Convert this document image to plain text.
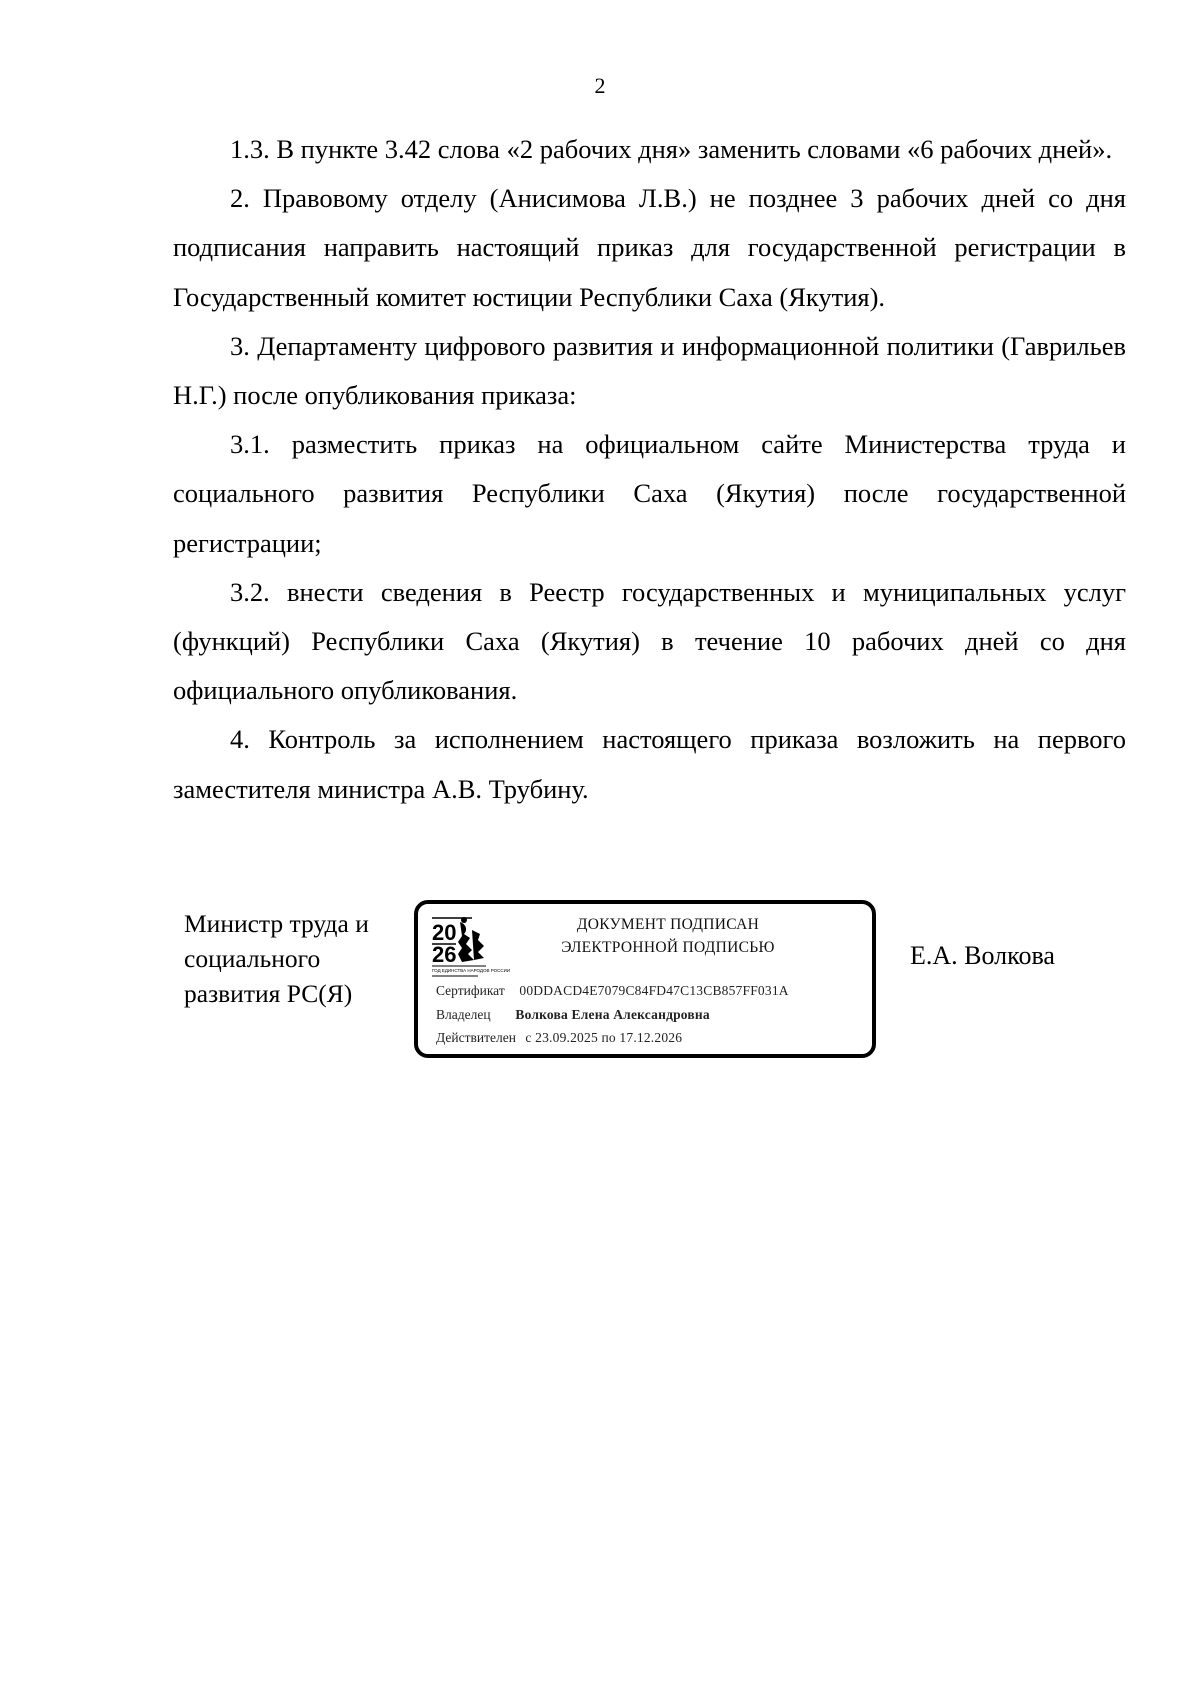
2

1.3. В пункте 3.42 слова «2 рабочих дня» заменить словами «6 рабочих дней».

2. Правовому отделу (Анисимова Л.В.) не позднее 3 рабочих дней со дня подписания направить настоящий приказ для государственной регистрации в Государственный комитет юстиции Республики Саха (Якутия).

3. Департаменту цифрового развития и информационной политики (Гаврильев Н.Г.) после опубликования приказа:

3.1. разместить приказ на официальном сайте Министерства труда и социального развития Республики Саха (Якутия) после государственной регистрации;

3.2. внести сведения в Реестр государственных и муниципальных услуг (функций) Республики Саха (Якутия) в течение 10 рабочих дней со дня официального опубликования.

4. Контроль за исполнением настоящего приказа возложить на первого заместителя министра А.В. Трубину.

Министр труда и
социального
развития РС(Я)
20
26
ГОД ЕДИНСТВА НАРОДОВ РОССИИ
ДОКУМЕНТ ПОДПИСАН
ЭЛЕКТРОННОЙ ПОДПИСЬЮ
Сертификат 00DDACD4E7079C84FD47C13CB857FF031A
Владелец Волкова Елена Александровна
Действителен с 23.09.2025 по 17.12.2026
Е.А. Волкова
